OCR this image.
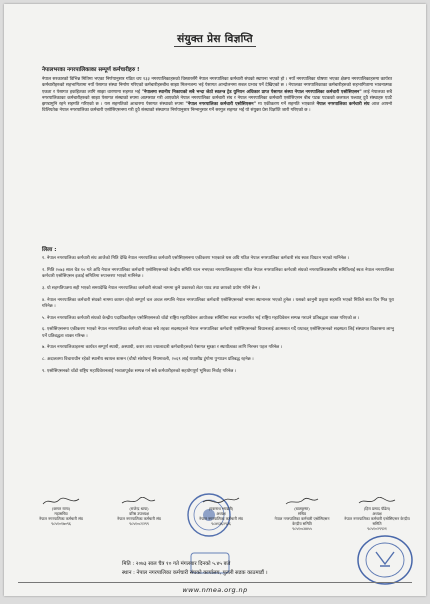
संयुक्त प्रेस विज्ञप्ति
नेपालभरका नगरपालिकाका सम्पूर्ण कर्मचारीहरु !
नेपाल सरकारको विभिन्न मितिमा भएका निर्णयानुसार गठित थप १३३ नगरपालिकाहरुको विस्तारसँगै नेपाल नगरपालिका कर्मचारी संघको स्थापना भएको हो । नयाँ नगरपालिका घोषणा भएका क्षेत्रमा नगरपालिकाहरुमा कार्यरत कर्मचारीहरुको सहभागितामा नयाँ पेसागत संस्था निर्माण गरिएको कर्मचारीहरुबीच साझा मिलनजन्य भई पेसागत आन्दोलनमा सबल प्रभाव पर्ने देखिएको छ । नेपालका नगरपालिकाका कर्मचारीहरुको सहभागितामा भावनात्मक एकता र पेसागत हकहितका लागि साझा धारणामा सहमत भई "नेपालमा स्थानीय निकायको सबै भन्दा जेठो स्वतन्त्र ट्रेड युनियन अधिकार प्राप्त पेसागत संस्था नेपाल नगरपालिका कर्मचारी एसोसिएसन" लाई नेपालका सबै नगरपालिकाका कर्मचारीहरुको साझा पेसागत संस्थाको रुपमा आत्मसात गरी आएकोले नेपाल नगरपालिका कर्मचारी संघ र नेपाल नगरपालिका कर्मचारी एसोसिएसन बीच पटक पटकको छलफल पश्चात् दुवै संस्थाहरु एउटै झण्डामुनि रहने सहमति गरिएको छ । यस सहमतिको आधारमा पेसागत संस्थाको रुपमा "नेपाल नगरपालिका कर्मचारी एसोसिएसन" मा एकीकरण गर्ने सहमति भएकाले नेपाल नगरपालिका कर्मचारी संघ आज आफ्नो विलियतेक नेपाल नगरपालिका कर्मचारी एसोसिएसनमा गरी दुवै संस्थाको संस्थागत निर्णयानुसार निम्नानुसार गर्ने सरगुल सहमत भई यो संयुक्त प्रेस विज्ञप्ति जारी गरिएको छ ।
लिला :
१. नेपाल नगरपालिका कर्मचारी संघ आजैको मिति देखि नेपाल नगरपालिका कर्मचारी एसोसिएसनमा एकीकरण भएकाले यस अघि गठित नेपाल नगरपालिका कर्मचारी संघ स्वतः विघटन भएको मानिनेछ ।
२. मिति २०७३ साल चैत्र १० गते अघि नेपाल नगरपालिका कर्मचारी एसोसिएसनको केन्द्रीय समिति गठन नभएका नगरपालिकाहरुमा गठित नेपाल नगरपालिका कर्मचारी संघको नगरपालिकास्तरीय समितिलाई स्वतः नेपाल नगरपालिका कर्मचारी एसोसिएसन इकाई समितिमा रुपान्तरण भएको मानिनेछ ।
३. यो सहमतिपत्रमा सही भएको समयदेखि नेपाल नगरपालिका कर्मचारी संघको नाममा कुनै प्रकारको लेटर प्याड तथा छापको प्रयोग गरिने छैन ।
४. नेपाल नगरपालिका कर्मचारी संघको नाममा कायम रहेको सम्पूर्ण चल अचल सम्पत्ति नेपाल नगरपालिका कर्मचारी एसोसिएसनको नाममा स्थानान्तर भएको हुनेछ । यसको कानुनी प्रकृया सहमति भएको मितिले सात दिन भित्र पूरा गरिनेछ ।
५. नेपाल नगरपालिका कर्मचारी संघको केन्द्रीय पदाधिकारीहरु एसोसिएसनको चाँडो राष्ट्रिय महाधिवेशन आयोजक समितिमा स्वतः रुपान्तरित भई राष्ट्रिय महाधिवेशन सम्पन्न गराउने प्रतिबद्धता व्यक्त गरिएको छ ।
६. एसोसिएसनमा एकीकरण भएको नेपाल नगरपालिका कर्मचारी संघका सबै तहका सदस्यहरुले नेपाल नगरपालिका कर्मचारी एसोसिएसनको विधानलाई आत्मसात गर्दै यथावत् एसोसिएसनको सदस्यता लिई संस्थागत विकासमा लाग्नु पर्ने प्रतिबद्धता व्यक्त गरिन्छ ।
७. नेपाल नगरपालिकाहरुमा कार्यरत सम्पूर्ण स्थायी, अस्थायी, करार तथा ज्यालादारी कर्मचारीहरुको पेसागत सुरक्षा र स्थायीत्वका लागि निरन्तर पहल गरिनेछ ।
८. अदालतमा विचाराधीन रहेको स्थानीय स्वायत्त शासन (चौथो संशोधन) नियमावली, २०६९ लाई यथाशीघ्र टुंगोमा पुऱ्याउन प्रतिबद्ध रहनेछ ।
९. एसोसिएसनको चाँडो राष्ट्रिय महाधिवेशनलाई भव्यतापूर्वक सम्पन्न गर्न सबै कर्मचारीहरुको सहयोगपूर्ण भूमिका निर्वाह गरिनेछ ।
(कमल राणा)
महासचिव
नेपाल नगरपालिका कर्मचारी संघ
९८५१०१७०९६
(राजेन्द्र थापा)
वरिष्ठ उपाध्यक्ष
नेपाल नगरपालिका कर्मचारी संघ
९८५१०८१२९९
(एकनाथ भण्डारी)
अध्यक्ष
नेपाल नगरपालिका कर्मचारी संघ
९८४१३६२९३६
(बालकृष्ण)
सचिव
नेपाल नगरपालिका कर्मचारी एसोसिएसन केन्द्रीय समिति
९८५१०८४४५५
(हिरा प्रसाद पौडेल)
अध्यक्ष
नेपाल नगरपालिका कर्मचारी एसोसिएसन केन्द्रीय समिति
९८५१०२९९२१
मिति : २०७३ साल चैत्र १० गते मंगलबार दिनको ५.४५ बजे
स्थान : नेपाल नगरपालिका कर्मचारी संघको कार्यालय, पुतली सडक काठमाडौं ।
www.nmea.org.np
